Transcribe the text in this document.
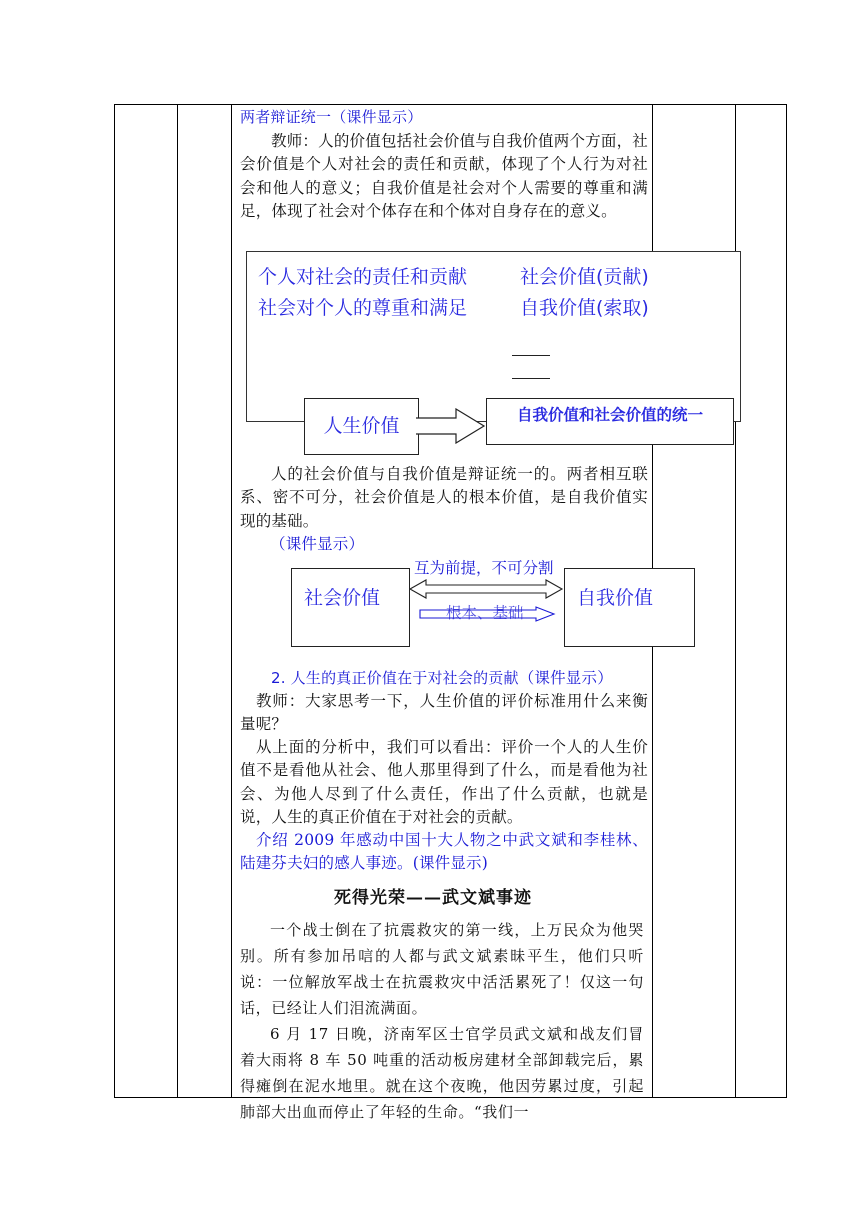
两者辩证统一（课件显示）

教师：人的价值包括社会价值与自我价值两个方面，社会价值是个人对社会的责任和贡献，体现了个人行为对社会和他人的意义；自我价值是社会对个人需要的尊重和满足，体现了社会对个体存在和个体对自身存在的意义。

个人对社会的责任和贡献	社会价值(贡献)
社会对个人的尊重和满足	自我价值(索取)
人生价值	自我价值和社会价值的统一

人的社会价值与自我价值是辩证统一的。两者相互联系、密不可分，社会价值是人的根本价值，是自我价值实现的基础。

（课件显示）

社会价值	自我价值
互为前提，不可分割
根本、基础

2. 人生的真正价值在于对社会的贡献（课件显示）

教师：大家思考一下，人生价值的评价标准用什么来衡量呢？

从上面的分析中，我们可以看出：评价一个人的人生价值不是看他从社会、他人那里得到了什么，而是看他为社会、为他人尽到了什么责任，作出了什么贡献，也就是说，人生的真正价值在于对社会的贡献。

介绍 2009 年感动中国十大人物之中武文斌和李桂林、陆建芬夫妇的感人事迹。(课件显示)

死得光荣——武文斌事迹

一个战士倒在了抗震救灾的第一线，上万民众为他哭别。所有参加吊唁的人都与武文斌素昧平生，他们只听说：一位解放军战士在抗震救灾中活活累死了！仅这一句话，已经让人们泪流满面。

6 月 17 日晚，济南军区士官学员武文斌和战友们冒着大雨将 8 车 50 吨重的活动板房建材全部卸载完后，累得瘫倒在泥水地里。就在这个夜晚，他因劳累过度，引起肺部大出血而停止了年轻的生命。“我们一
